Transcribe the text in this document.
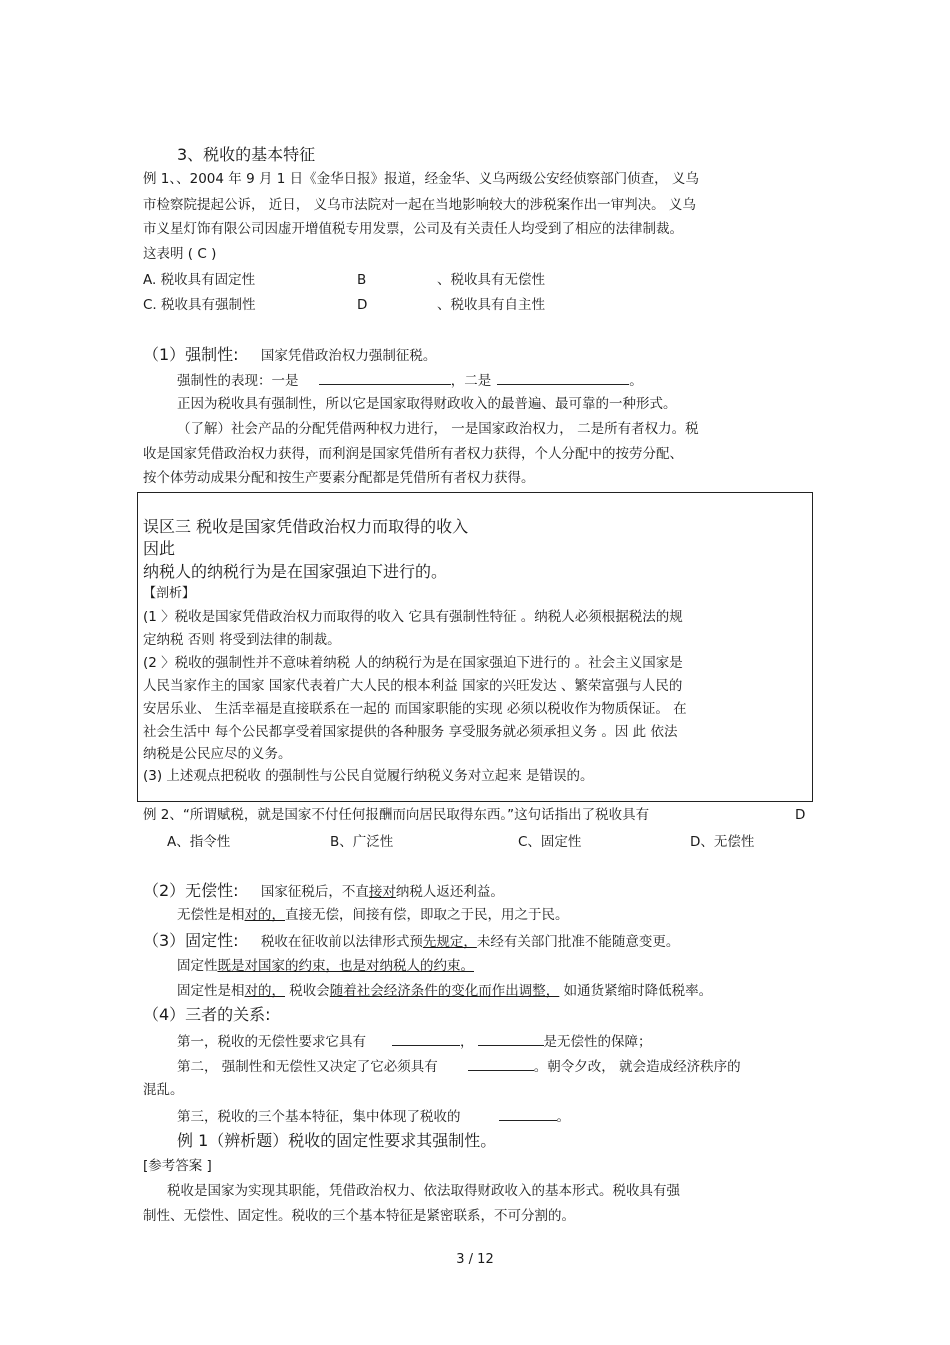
3、税收的基本特征
例 1、、2004 年 9 月 1 日《金华日报》报道，经金华、义乌两级公安经侦察部门侦查， 义乌
市检察院提起公诉， 近日， 义乌市法院对一起在当地影响较大的涉税案作出一审判决。 义乌
市义星灯饰有限公司因虚开增值税专用发票，公司及有关责任人均受到了相应的法律制裁。
这表明 ( C )
A. 税收具有固定性	B	、税收具有无偿性
C. 税收具有强制性	D	、税收具有自主性
（1）强制性: 国家凭借政治权力强制征税。
强制性的表现：一是	，二是	。
正因为税收具有强制性，所以它是国家取得财政收入的最普遍、最可靠的一种形式。
（了解）社会产品的分配凭借两种权力进行， 一是国家政治权力， 二是所有者权力。税
收是国家凭借政治权力获得，而利润是国家凭借所有者权力获得，个人分配中的按劳分配、
按个体劳动成果分配和按生产要素分配都是凭借所有者权力获得。
误区三 税收是国家凭借政治权力而取得的收入
因此
纳税人的纳税行为是在国家强迫下进行的。
【剖析】
(1 〉税收是国家凭借政治权力而取得的收入 它具有强制性特征 。纳税人必须根据税法的规
定纳税 否则 将受到法律的制裁。
(2 〉税收的强制性并不意味着纳税 人的纳税行为是在国家强迫下进行的 。社会主义国家是
人民当家作主的国家 国家代表着广大人民的根本利益 国家的兴旺发达 、繁荣富强与人民的
安居乐业、 生活幸福是直接联系在一起的 而国家职能的实现 必须以税收作为物质保证。 在
社会生活中 每个公民都享受着国家提供的各种服务 享受服务就必须承担义务 。因 此 依法
纳税是公民应尽的义务。
(3) 上述观点把税收 的强制性与公民自觉履行纳税义务对立起来 是错误的。
例 2、“所谓赋税，就是国家不付任何报酬而向居民取得东西。”这句话指出了税收具有	D
A、指令性	B、广泛性	C、固定性	D、无偿性
（2）无偿性: 国家征税后，不直接对纳税人返还利益。
无偿性是相对的，直接无偿，间接有偿，即取之于民，用之于民。
（3）固定性: 税收在征收前以法律形式预先规定，未经有关部门批准不能随意变更。
固定性既是对国家的约束，也是对纳税人的约束。
固定性是相对的， 税收会随着社会经济条件的变化而作出调整， 如通货紧缩时降低税率。
（4）三者的关系:
第一，税收的无偿性要求它具有	，	是无偿性的保障；
第二， 强制性和无偿性又决定了它必须具有	。朝令夕改， 就会造成经济秩序的
混乱。
第三，税收的三个基本特征，集中体现了税收的	。
例 1（辨析题）税收的固定性要求其强制性。
[参考答案 ]
税收是国家为实现其职能，凭借政治权力、依法取得财政收入的基本形式。税收具有强
制性、无偿性、固定性。税收的三个基本特征是紧密联系，不可分割的。
3 / 12
